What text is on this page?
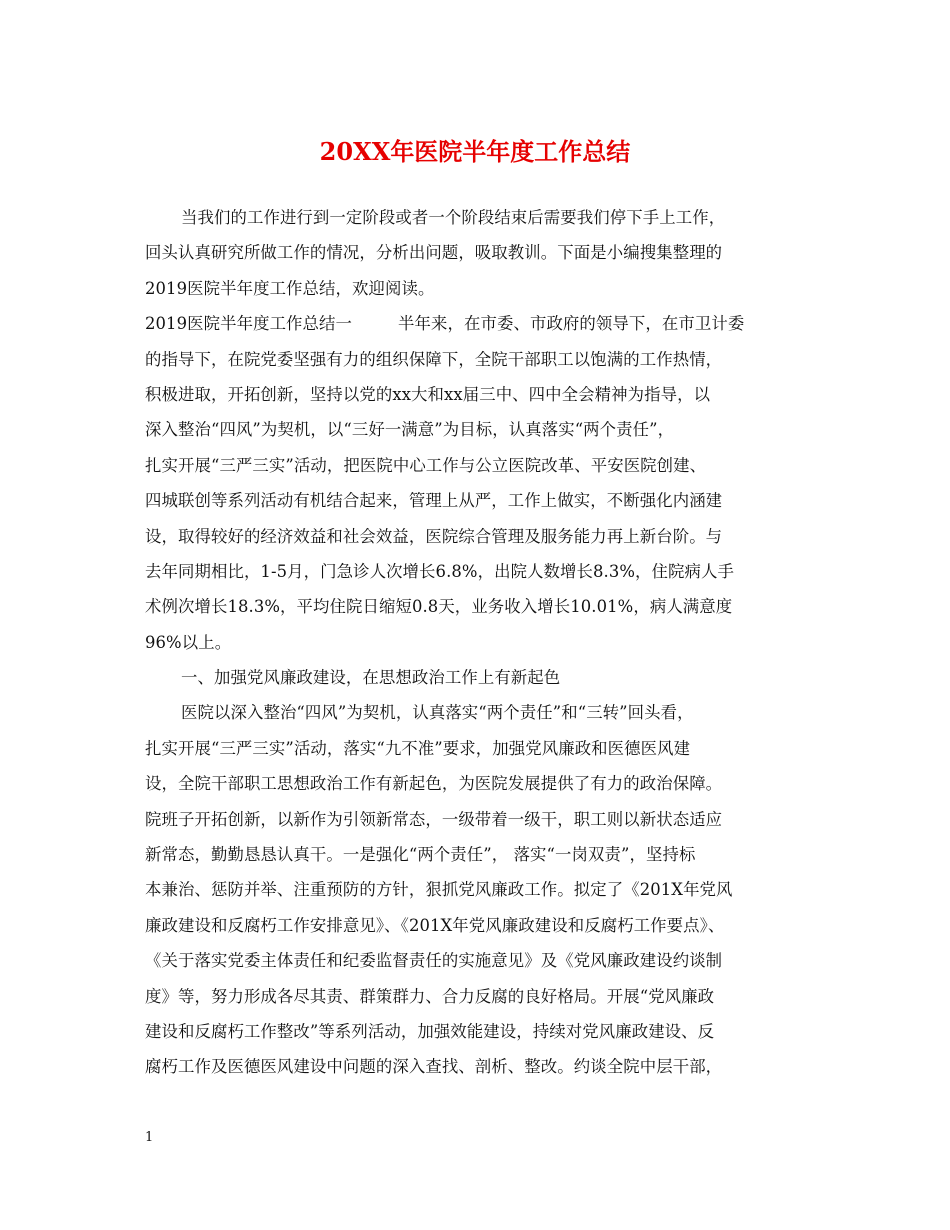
20XX年医院半年度工作总结
当我们的工作进行到一定阶段或者一个阶段结束后需要我们停下手上工作，
回头认真研究所做工作的情况，分析出问题，吸取教训。下面是小编搜集整理的
2019医院半年度工作总结，欢迎阅读。
2019医院半年度工作总结一	半年来，在市委、市政府的领导下，在市卫计委
的指导下，在院党委坚强有力的组织保障下，全院干部职工以饱满的工作热情，
积极进取，开拓创新，坚持以党的xx大和xx届三中、四中全会精神为指导，以
深入整治“四风”为契机，以“三好一满意”为目标，认真落实“两个责任”，
扎实开展“三严三实”活动，把医院中心工作与公立医院改革、平安医院创建、
四城联创等系列活动有机结合起来，管理上从严，工作上做实，不断强化内涵建
设，取得较好的经济效益和社会效益，医院综合管理及服务能力再上新台阶。与
去年同期相比，1-5月，门急诊人次增长6.8%，出院人数增长8.3%，住院病人手
术例次增长18.3%，平均住院日缩短0.8天，业务收入增长10.01%，病人满意度
96%以上。
一、加强党风廉政建设，在思想政治工作上有新起色
医院以深入整治“四风”为契机，认真落实“两个责任”和“三转”回头看，
扎实开展“三严三实”活动，落实“九不准”要求，加强党风廉政和医德医风建
设，全院干部职工思想政治工作有新起色，为医院发展提供了有力的政治保障。
院班子开拓创新，以新作为引领新常态，一级带着一级干，职工则以新状态适应
新常态，勤勤恳恳认真干。一是强化“两个责任”， 落实“一岗双责”，坚持标
本兼治、惩防并举、注重预防的方针，狠抓党风廉政工作。拟定了《201X年党风
廉政建设和反腐朽工作安排意见》、《201X年党风廉政建设和反腐朽工作要点》、
《关于落实党委主体责任和纪委监督责任的实施意见》及《党风廉政建设约谈制
度》等，努力形成各尽其责、群策群力、合力反腐的良好格局。开展“党风廉政
建设和反腐朽工作整改”等系列活动，加强效能建设，持续对党风廉政建设、反
腐朽工作及医德医风建设中问题的深入查找、剖析、整改。约谈全院中层干部，
1
